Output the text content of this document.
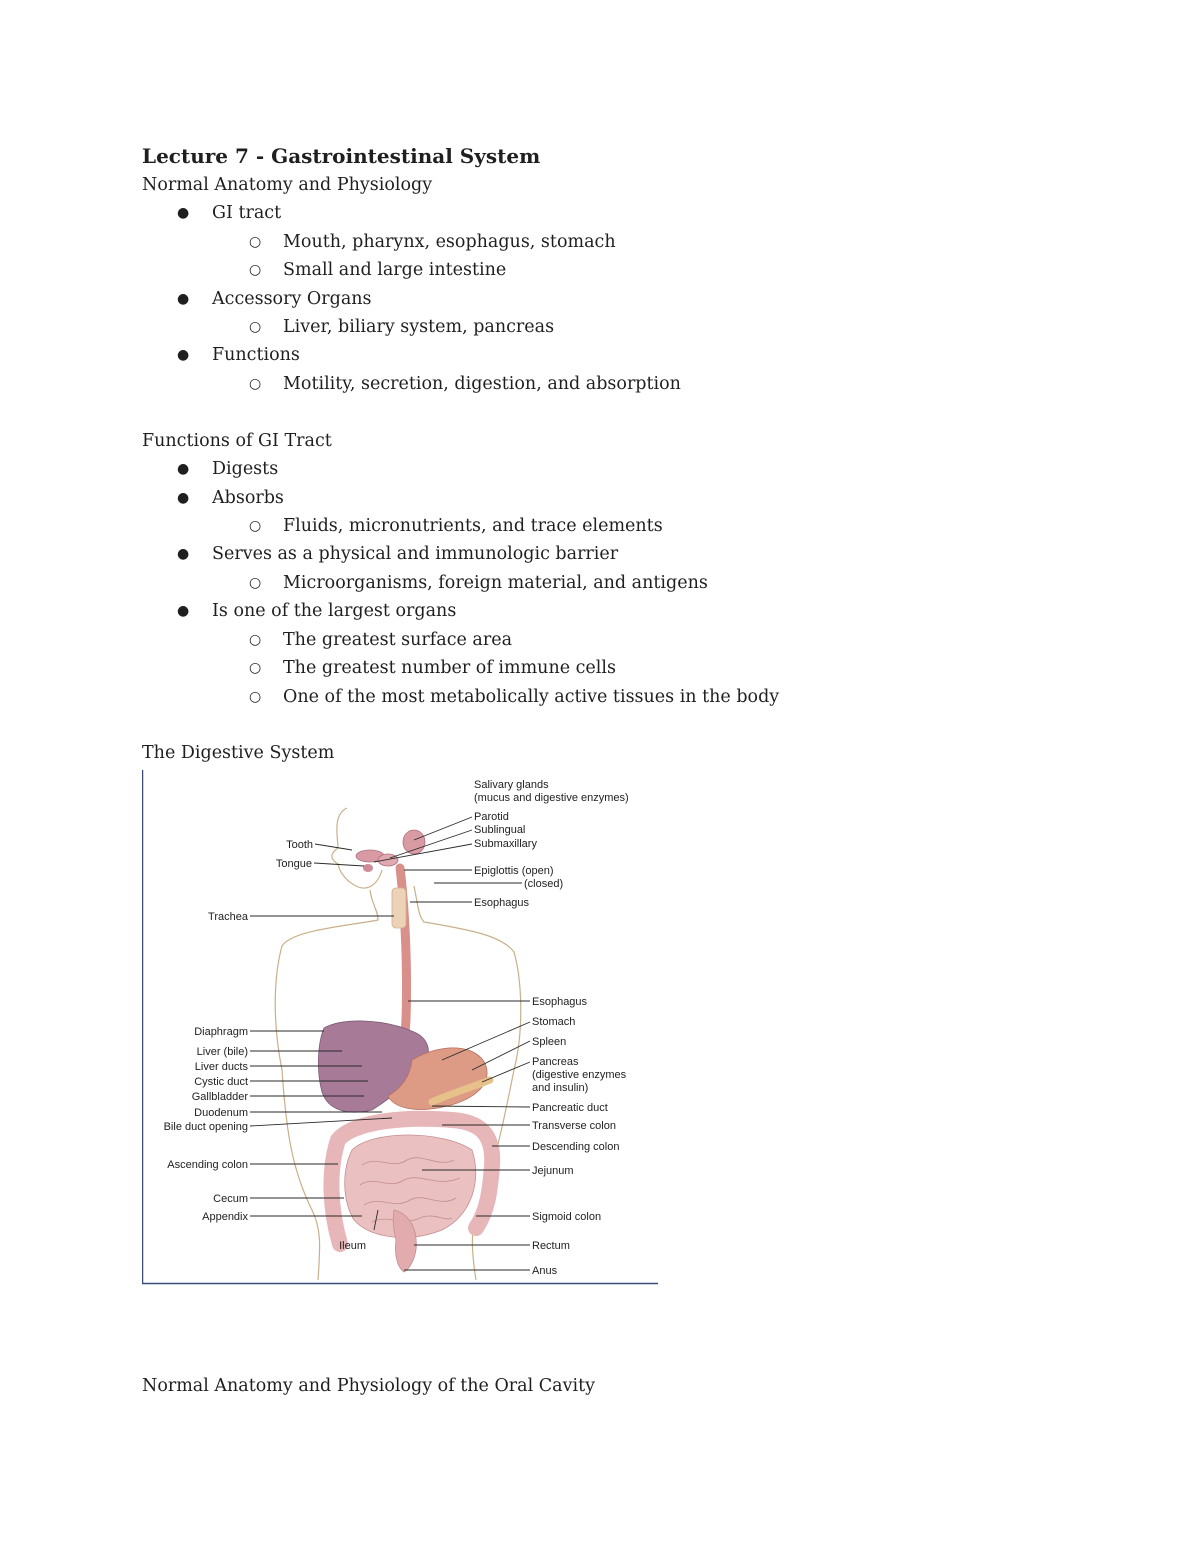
Lecture 7 - Gastrointestinal System
Normal Anatomy and Physiology
● GI tract
○ Mouth, pharynx, esophagus, stomach
○ Small and large intestine
● Accessory Organs
○ Liver, biliary system, pancreas
● Functions
○ Motility, secretion, digestion, and absorption
Functions of GI Tract
● Digests
● Absorbs
○ Fluids, micronutrients, and trace elements
● Serves as a physical and immunologic barrier
○ Microorganisms, foreign material, and antigens
● Is one of the largest organs
○ The greatest surface area
○ The greatest number of immune cells
○ One of the most metabolically active tissues in the body
The Digestive System
Salivary glands
(mucus and digestive enzymes)
Parotid
Sublingual
Submaxillary
Epiglottis (open)
(closed)
Esophagus
Esophagus
Stomach
Spleen
Pancreas
(digestive enzymes
and insulin)
Pancreatic duct
Transverse colon
Descending colon
Jejunum
Sigmoid colon
Rectum
Anus
Tooth
Tongue
Trachea
Diaphragm
Liver (bile)
Liver ducts
Cystic duct
Gallbladder
Duodenum
Bile duct opening
Ascending colon
Cecum
Appendix
Ileum
Normal Anatomy and Physiology of the Oral Cavity
